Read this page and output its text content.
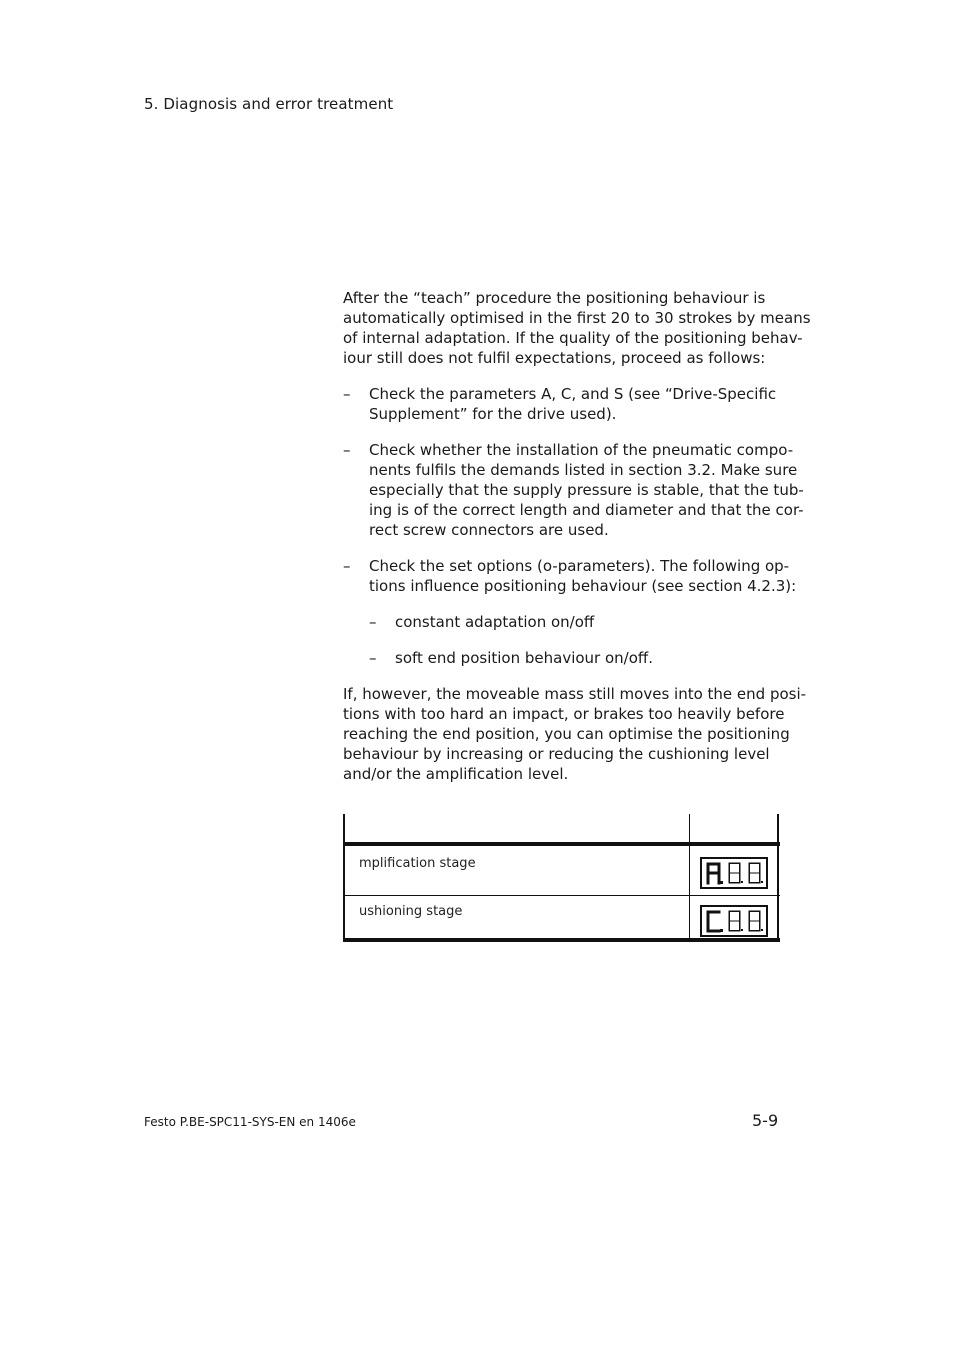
5. Diagnosis and error treatment
After the “teach” procedure the positioning behaviour is
automatically optimised in the first 20 to 30 strokes by means
of internal adaptation. If the quality of the positioning behav-
iour still does not fulfil expectations, proceed as follows:
– Check the parameters A, C, and S (see “Drive-Specific
Supplement” for the drive used).
– Check whether the installation of the pneumatic compo-
nents fulfils the demands listed in section 3.2. Make sure
especially that the supply pressure is stable, that the tub-
ing is of the correct length and diameter and that the cor-
rect screw connectors are used.
– Check the set options (o-parameters). The following op-
tions influence positioning behaviour (see section 4.2.3):
– constant adaptation on/off
– soft end position behaviour on/off.
If, however, the moveable mass still moves into the end posi-
tions with too hard an impact, or brakes too heavily before
reaching the end position, you can optimise the positioning
behaviour by increasing or reducing the cushioning level
and/or the amplification level.
mplification stage
ushioning stage
Festo P.BE-SPC11-SYS-EN en 1406e	5-9
